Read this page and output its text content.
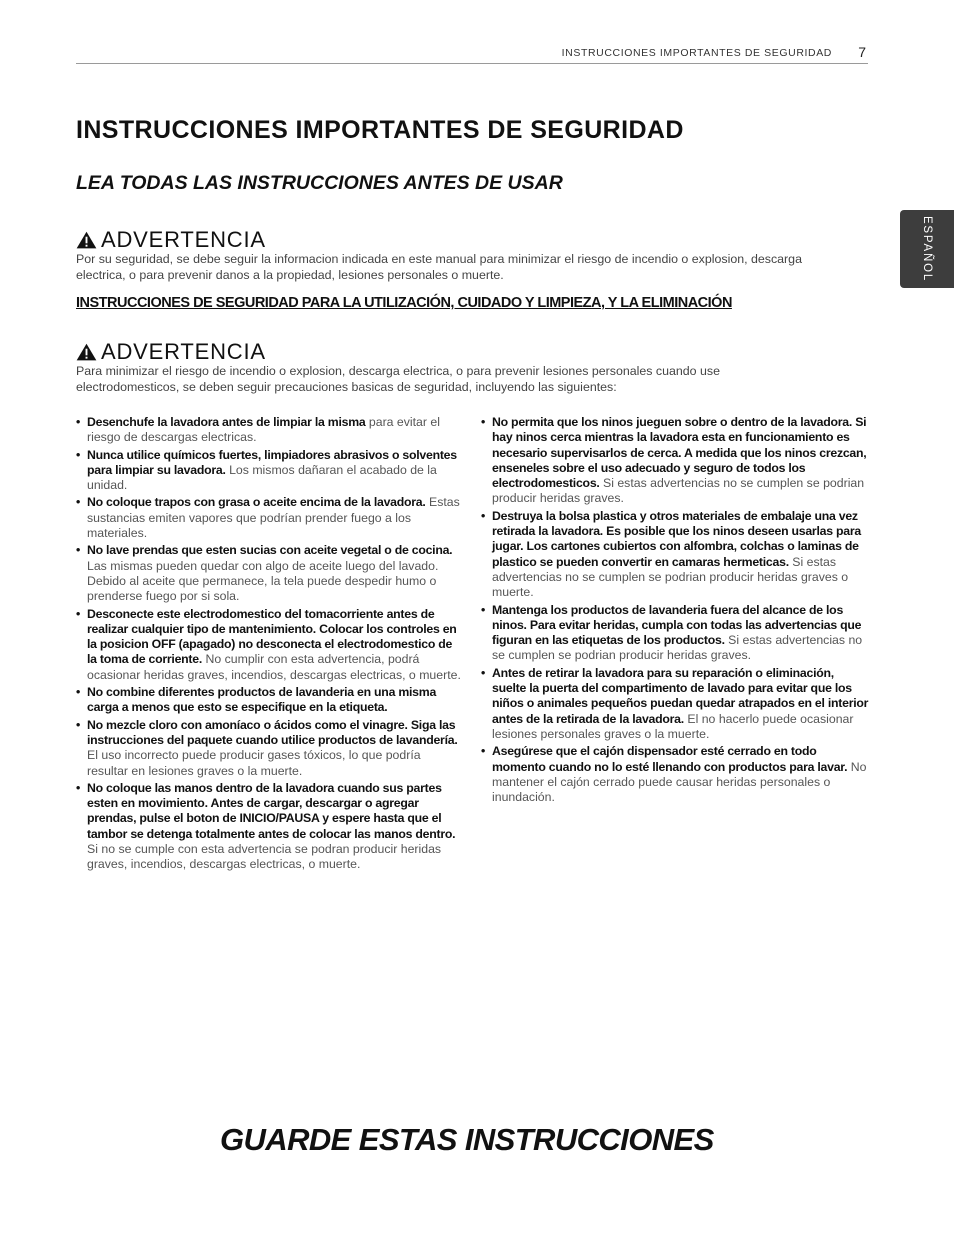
INSTRUCCIONES IMPORTANTES DE SEGURIDAD 7
ESPAÑOL
INSTRUCCIONES IMPORTANTES DE SEGURIDAD
LEA TODAS LAS INSTRUCCIONES ANTES DE USAR
ADVERTENCIA

Por su seguridad, se debe seguir la informacion indicada en este manual para minimizar el riesgo de incendio o explosion, descarga electrica, o para prevenir danos a la propiedad, lesiones personales o muerte.

INSTRUCCIONES DE SEGURIDAD PARA LA UTILIZACIÓN, CUIDADO Y LIMPIEZA, Y LA ELIMINACIÓN

ADVERTENCIA

Para minimizar el riesgo de incendio o explosion, descarga electrica, o para prevenir lesiones personales cuando use electrodomesticos, se deben seguir precauciones basicas de seguridad, incluyendo las siguientes:

• Desenchufe la lavadora antes de limpiar la misma para evitar el riesgo de descargas electricas.
• Nunca utilice químicos fuertes, limpiadores abrasivos o solventes para limpiar su lavadora. Los mismos dañaran el acabado de la unidad.
• No coloque trapos con grasa o aceite encima de la lavadora. Estas sustancias emiten vapores que podrían prender fuego a los materiales.
• No lave prendas que esten sucias con aceite vegetal o de cocina. Las mismas pueden quedar con algo de aceite luego del lavado. Debido al aceite que permanece, la tela puede despedir humo o prenderse fuego por si sola.
• Desconecte este electrodomestico del tomacorriente antes de realizar cualquier tipo de mantenimiento. Colocar los controles en la posicion OFF (apagado) no desconecta el electrodomestico de la toma de corriente. No cumplir con esta advertencia, podrá ocasionar heridas graves, incendios, descargas electricas, o muerte.
• No combine diferentes productos de lavanderia en una misma carga a menos que esto se especifique en la etiqueta.
• No mezcle cloro con amoníaco o ácidos como el vinagre. Siga las instrucciones del paquete cuando utilice productos de lavandería. El uso incorrecto puede producir gases tóxicos, lo que podría resultar en lesiones graves o la muerte.
• No coloque las manos dentro de la lavadora cuando sus partes esten en movimiento. Antes de cargar, descargar o agregar prendas, pulse el boton de INICIO/PAUSA y espere hasta que el tambor se detenga totalmente antes de colocar las manos dentro. Si no se cumple con esta advertencia se podran producir heridas graves, incendios, descargas electricas, o muerte.
• No permita que los ninos jueguen sobre o dentro de la lavadora. Si hay ninos cerca mientras la lavadora esta en funcionamiento es necesario supervisarlos de cerca. A medida que los ninos crezcan, enseneles sobre el uso adecuado y seguro de todos los electrodomesticos. Si estas advertencias no se cumplen se podrian producir heridas graves.
• Destruya la bolsa plastica y otros materiales de embalaje una vez retirada la lavadora. Es posible que los ninos deseen usarlas para jugar. Los cartones cubiertos con alfombra, colchas o laminas de plastico se pueden convertir en camaras hermeticas. Si estas advertencias no se cumplen se podrian producir heridas graves o muerte.
• Mantenga los productos de lavanderia fuera del alcance de los ninos. Para evitar heridas, cumpla con todas las advertencias que figuran en las etiquetas de los productos. Si estas advertencias no se cumplen se podrian producir heridas graves.
• Antes de retirar la lavadora para su reparación o eliminación, suelte la puerta del compartimento de lavado para evitar que los niños o animales pequeños puedan quedar atrapados en el interior antes de la retirada de la lavadora. El no hacerlo puede ocasionar lesiones personales graves o la muerte.
• Asegúrese que el cajón dispensador esté cerrado en todo momento cuando no lo esté llenando con productos para lavar. No mantener el cajón cerrado puede causar heridas personales o inundación.

GUARDE ESTAS INSTRUCCIONES
